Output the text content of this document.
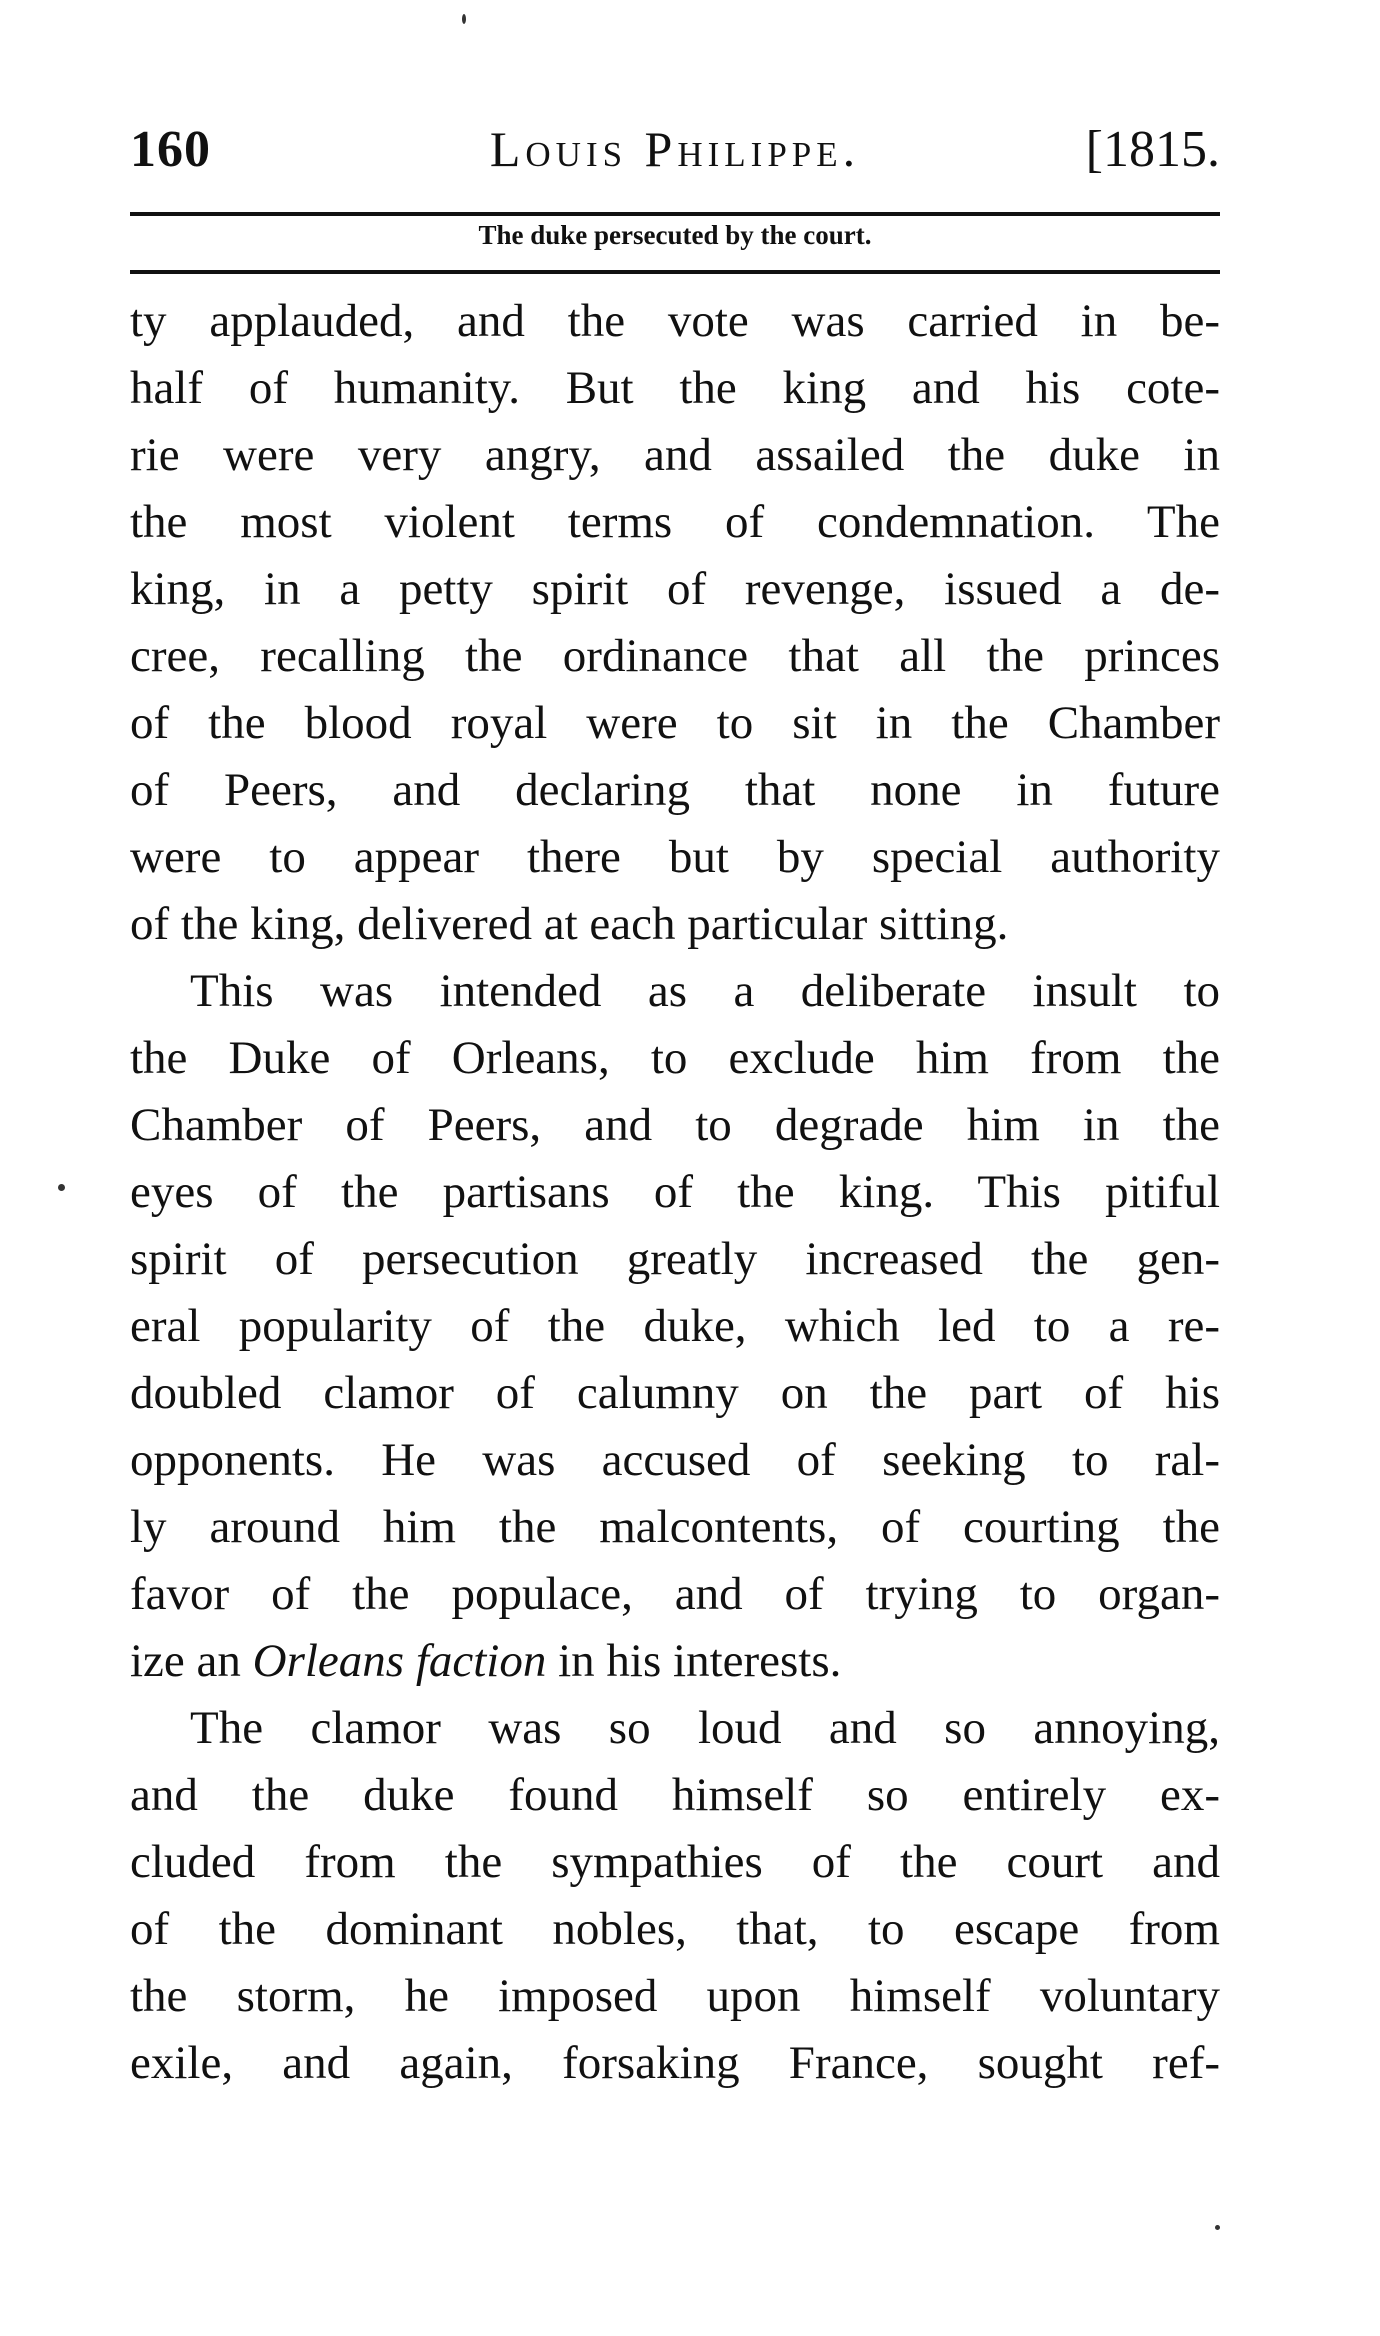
160	Louis Philippe.	[1815.
The duke persecuted by the court.
ty applauded, and the vote was carried in be-
half of humanity. But the king and his cote-
rie were very angry, and assailed the duke in
the most violent terms of condemnation. The
king, in a petty spirit of revenge, issued a de-
cree, recalling the ordinance that all the princes
of the blood royal were to sit in the Chamber
of Peers, and declaring that none in future
were to appear there but by special authority
of the king, delivered at each particular sitting.
This was intended as a deliberate insult to
the Duke of Orleans, to exclude him from the
Chamber of Peers, and to degrade him in the
eyes of the partisans of the king. This pitiful
spirit of persecution greatly increased the gen-
eral popularity of the duke, which led to a re-
doubled clamor of calumny on the part of his
opponents. He was accused of seeking to ral-
ly around him the malcontents, of courting the
favor of the populace, and of trying to organ-
ize an Orleans faction in his interests.
The clamor was so loud and so annoying,
and the duke found himself so entirely ex-
cluded from the sympathies of the court and
of the dominant nobles, that, to escape from
the storm, he imposed upon himself voluntary
exile, and again, forsaking France, sought ref-
